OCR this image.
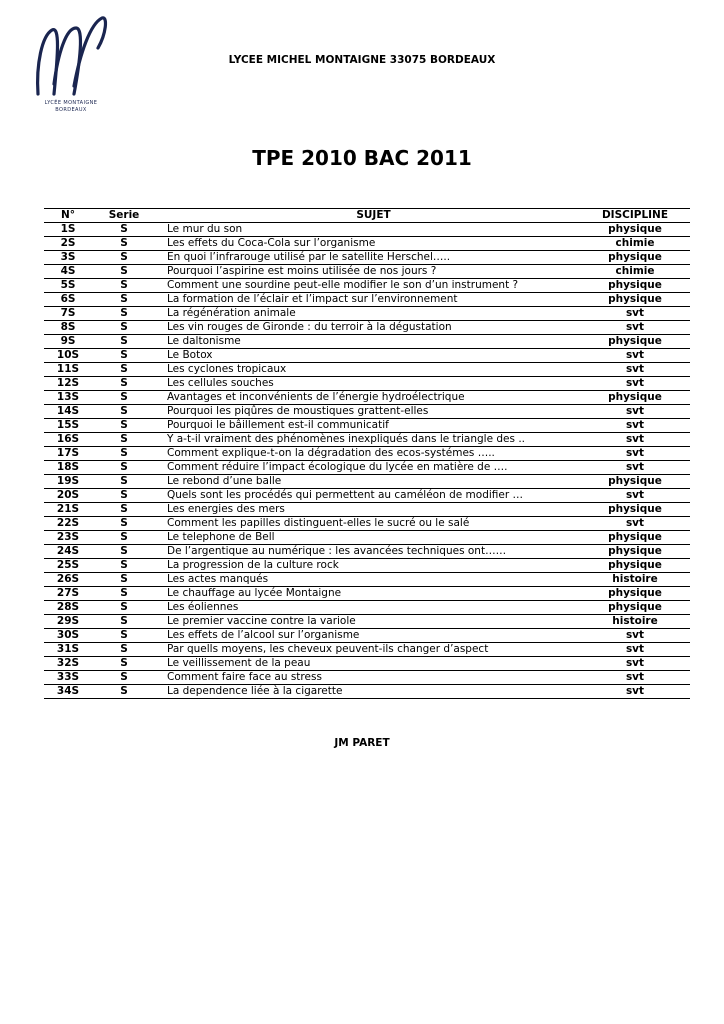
LYCÉE MONTAIGNE
BORDEAUX
LYCEE MICHEL MONTAIGNE 33075 BORDEAUX
TPE 2010 BAC 2011
N°	Serie	SUJET	DISCIPLINE
1S	S	Le mur du son	physique
2S	S	Les effets du Coca-Cola sur l’organisme	chimie
3S	S	En quoi l’infrarouge utilisé par le satellite Herschel…..	physique
4S	S	Pourquoi l’aspirine est moins utilisée de nos jours ?	chimie
5S	S	Comment une sourdine peut-elle modifier le son d’un instrument ?	physique
6S	S	La formation de l’éclair et l’impact sur l’environnement	physique
7S	S	La régénération animale	svt
8S	S	Les vin rouges de Gironde : du terroir à la dégustation	svt
9S	S	Le daltonisme	physique
10S	S	Le Botox	svt
11S	S	Les cyclones tropicaux	svt
12S	S	Les cellules souches	svt
13S	S	Avantages et inconvénients de l’énergie hydroélectrique	physique
14S	S	Pourquoi les piqûres de moustiques grattent-elles	svt
15S	S	Pourquoi le bâillement est-il communicatif	svt
16S	S	Y a-t-il vraiment des phénomènes inexpliqués dans le triangle des ..	svt
17S	S	Comment explique-t-on la dégradation des ecos-systémes …..	svt
18S	S	Comment réduire l’impact écologique du lycée en matière de ….	svt
19S	S	Le rebond d’une balle	physique
20S	S	Quels sont les procédés qui permettent au caméléon de modifier …	svt
21S	S	Les energies des mers	physique
22S	S	Comment les papilles distinguent-elles le sucré ou le salé	svt
23S	S	Le telephone de Bell	physique
24S	S	De l’argentique au numérique : les avancées techniques ont……	physique
25S	S	La progression de la culture rock	physique
26S	S	Les actes manqués	histoire
27S	S	Le chauffage au lycée Montaigne	physique
28S	S	Les éoliennes	physique
29S	S	Le premier vaccine contre la variole	histoire
30S	S	Les effets de l’alcool sur l’organisme	svt
31S	S	Par quells moyens, les cheveux peuvent-ils changer d’aspect	svt
32S	S	Le veillissement de la peau	svt
33S	S	Comment faire face au stress	svt
34S	S	La dependence liée à la cigarette	svt
JM PARET
